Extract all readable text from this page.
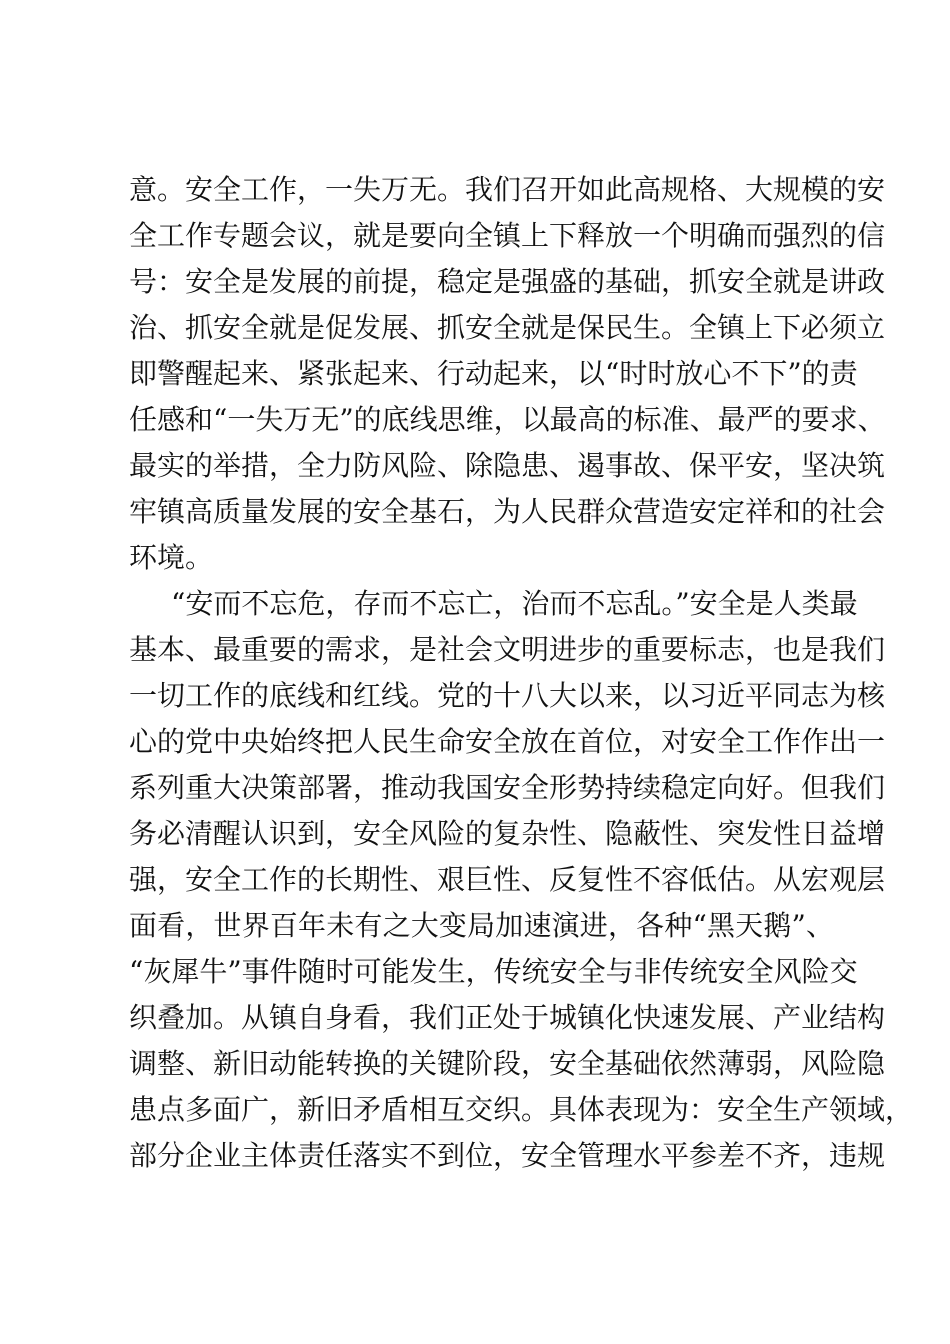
意。安全工作，一失万无。我们召开如此高规格、大规模的安
全工作专题会议，就是要向全镇上下释放一个明确而强烈的信
号：安全是发展的前提，稳定是强盛的基础，抓安全就是讲政
治、抓安全就是促发展、抓安全就是保民生。全镇上下必须立
即警醒起来、紧张起来、行动起来，以“时时放心不下”的责
任感和“一失万无”的底线思维，以最高的标准、最严的要求、
最实的举措，全力防风险、除隐患、遏事故、保平安，坚决筑
牢镇高质量发展的安全基石，为人民群众营造安定祥和的社会
环境。
“安而不忘危，存而不忘亡，治而不忘乱。”安全是人类最
基本、最重要的需求，是社会文明进步的重要标志，也是我们
一切工作的底线和红线。党的十八大以来，以习近平同志为核
心的党中央始终把人民生命安全放在首位，对安全工作作出一
系列重大决策部署，推动我国安全形势持续稳定向好。但我们
务必清醒认识到，安全风险的复杂性、隐蔽性、突发性日益增
强，安全工作的长期性、艰巨性、反复性不容低估。从宏观层
面看，世界百年未有之大变局加速演进，各种“黑天鹅”、
“灰犀牛”事件随时可能发生，传统安全与非传统安全风险交
织叠加。从镇自身看，我们正处于城镇化快速发展、产业结构
调整、新旧动能转换的关键阶段，安全基础依然薄弱，风险隐
患点多面广，新旧矛盾相互交织。具体表现为：安全生产领域，
部分企业主体责任落实不到位，安全管理水平参差不齐，违规
